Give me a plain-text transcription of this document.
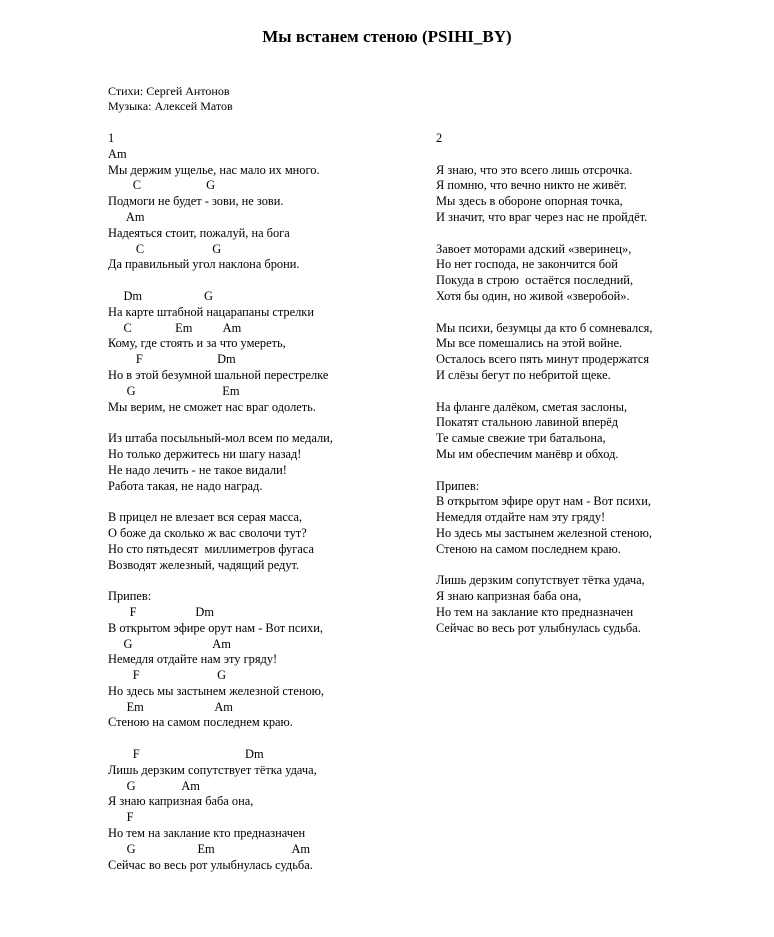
Мы встанем стеною (PSIHI_BY)
Стихи: Сергей Антонов
Музыка: Алексей Матов
1
Am
Мы держим ущелье, нас мало их много.
C                     G
Подмоги не будет - зови, не зови.
Am
Надеяться стоит, пожалуй, на бога
C                      G
Да правильный угол наклона брони.
Dm                    G
На карте штабной нацарапаны стрелки
C              Em          Am
Кому, где стоять и за что умереть,
F                        Dm
Но в этой безумной шальной перестрелке
G                            Em
Мы верим, не сможет нас враг одолеть.
Из штаба посыльный-мол всем по медали,
Но только держитесь ни шагу назад!
Не надо лечить - не такое видали!
Работа такая, не надо наград.
В прицел не влезает вся серая масса,
О боже да сколько ж вас сволочи тут?
Но сто пятьдесят  миллиметров фугаса
Возводят железный, чадящий редут.
Припев:
F                   Dm
В открытом эфире орут нам - Вот психи,
G                          Am
Немедля отдайте нам эту гряду!
F                         G
Но здесь мы застынем железной стеною,
Em                       Am
Стеною на самом последнем краю.
F                                  Dm
Лишь дерзким сопутствует тётка удача,
G               Am
Я знаю капризная баба она,
F
Но тем на заклание кто предназначен
G                    Em                         Am
Сейчас во весь рот улыбнулась судьба.
2
Я знаю, что это всего лишь отсрочка.
Я помню, что вечно никто не живёт.
Мы здесь в обороне опорная точка,
И значит, что враг через нас не пройдёт.
Завоет моторами адский «зверинец»,
Но нет господа, не закончится бой
Покуда в строю  остаётся последний,
Хотя бы один, но живой «зверобой».
Мы психи, безумцы да кто б сомневался,
Мы все помешались на этой войне.
Осталось всего пять минут продержатся
И слёзы бегут по небритой щеке.
На фланге далёком, сметая заслоны,
Покатят стальною лавиной вперёд
Те самые свежие три батальона,
Мы им обеспечим манёвр и обход.
Припев:
В открытом эфире орут нам - Вот психи,
Немедля отдайте нам эту гряду!
Но здесь мы застынем железной стеною,
Стеною на самом последнем краю.
Лишь дерзким сопутствует тётка удача,
Я знаю капризная баба она,
Но тем на заклание кто предназначен
Сейчас во весь рот улыбнулась судьба.
